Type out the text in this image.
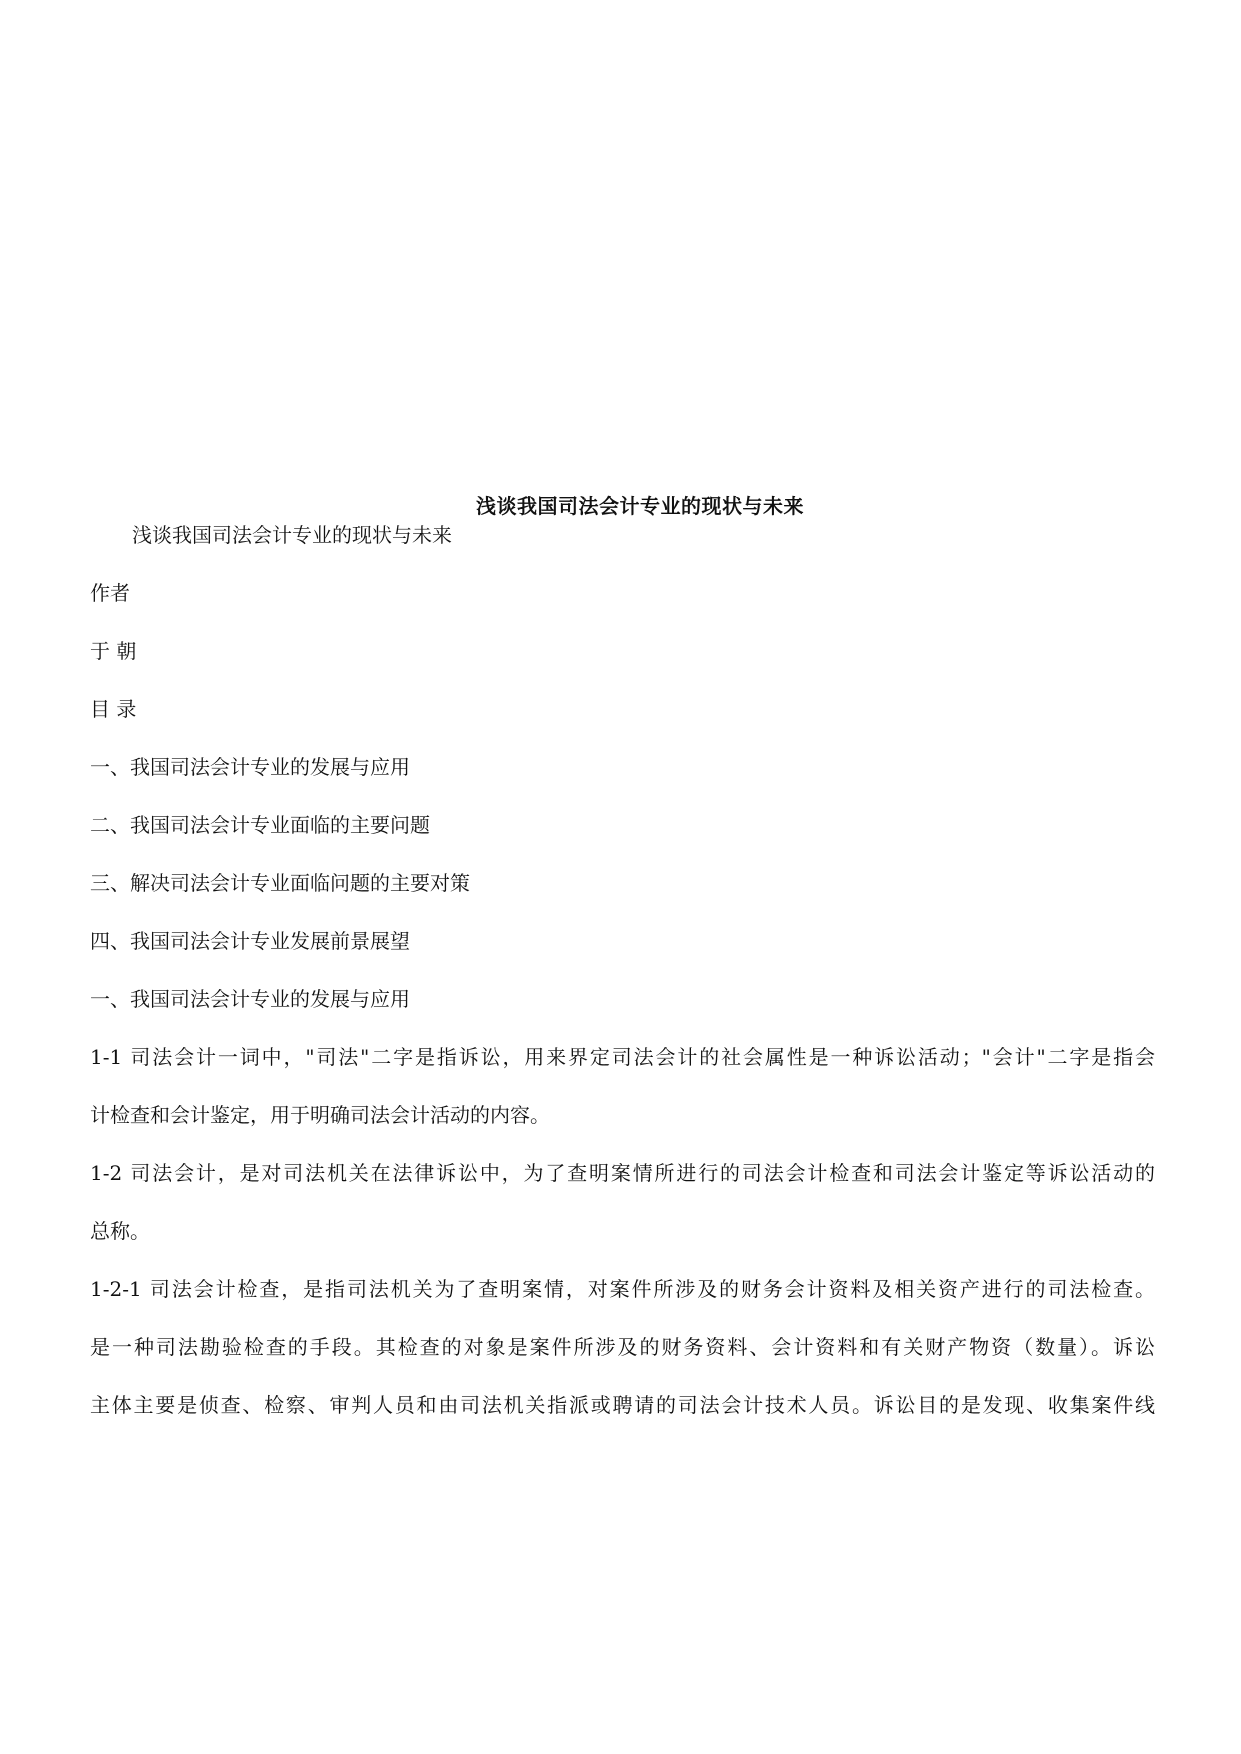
浅谈我国司法会计专业的现状与未来

浅谈我国司法会计专业的现状与未来

作者

于 朝

目 录

一、我国司法会计专业的发展与应用

二、我国司法会计专业面临的主要问题

三、解决司法会计专业面临问题的主要对策

四、我国司法会计专业发展前景展望

一、我国司法会计专业的发展与应用

1-1 司法会计一词中，"司法"二字是指诉讼，用来界定司法会计的社会属性是一种诉讼活动；"会计"二字是指会

计检查和会计鉴定，用于明确司法会计活动的内容。

1-2 司法会计，是对司法机关在法律诉讼中，为了查明案情所进行的司法会计检查和司法会计鉴定等诉讼活动的

总称。

1-2-1 司法会计检查，是指司法机关为了查明案情，对案件所涉及的财务会计资料及相关资产进行的司法检查。

是一种司法勘验检查的手段。其检查的对象是案件所涉及的财务资料、会计资料和有关财产物资（数量）。诉讼

主体主要是侦查、检察、审判人员和由司法机关指派或聘请的司法会计技术人员。诉讼目的是发现、收集案件线
